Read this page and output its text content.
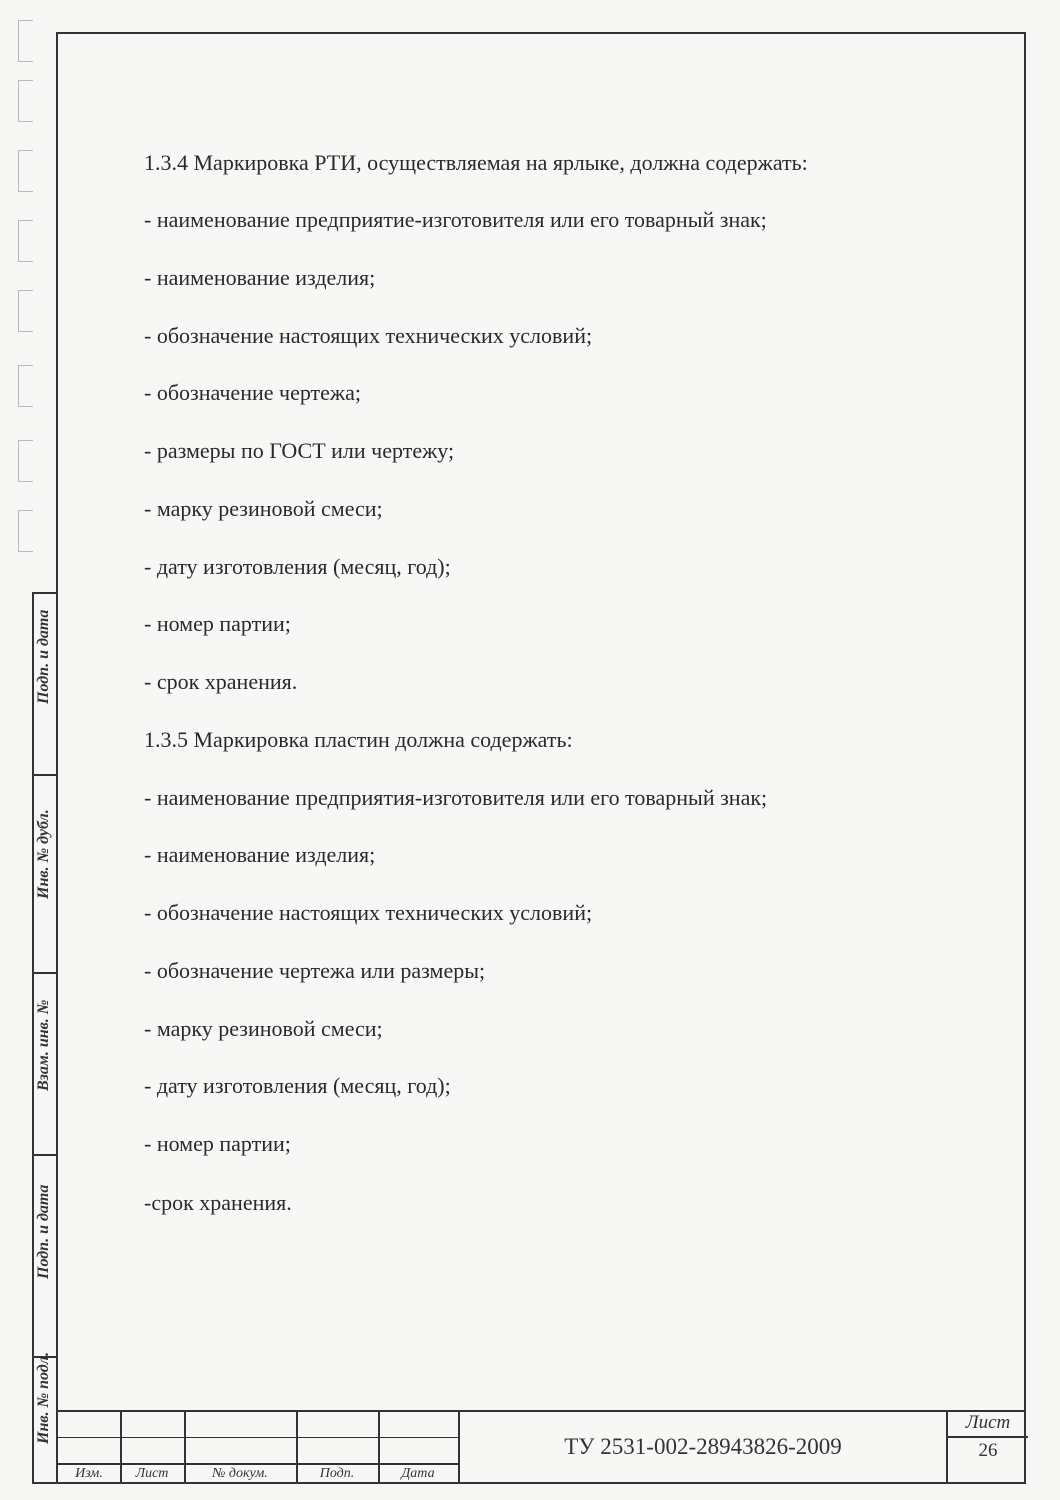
Подп. и дата
Инв. № дубл.
Взам. инв. №
Подп. и дата
Инв. № подл.
1.3.4 Маркировка РТИ, осуществляемая на ярлыке, должна содержать:
- наименование предприятие-изготовителя или его товарный знак;
- наименование изделия;
- обозначение настоящих технических условий;
- обозначение чертежа;
- размеры по ГОСТ или чертежу;
- марку резиновой смеси;
- дату изготовления (месяц, год);
- номер партии;
- срок хранения.
1.3.5 Маркировка пластин должна содержать:
- наименование предприятия-изготовителя или его товарный знак;
- наименование изделия;
- обозначение настоящих технических условий;
- обозначение чертежа или размеры;
- марку резиновой смеси;
- дату изготовления (месяц, год);
- номер партии;
-срок хранения.
Изм.	Лист	№ докум.	Подп.	Дата
ТУ 2531-002-28943826-2009
Лист
26
